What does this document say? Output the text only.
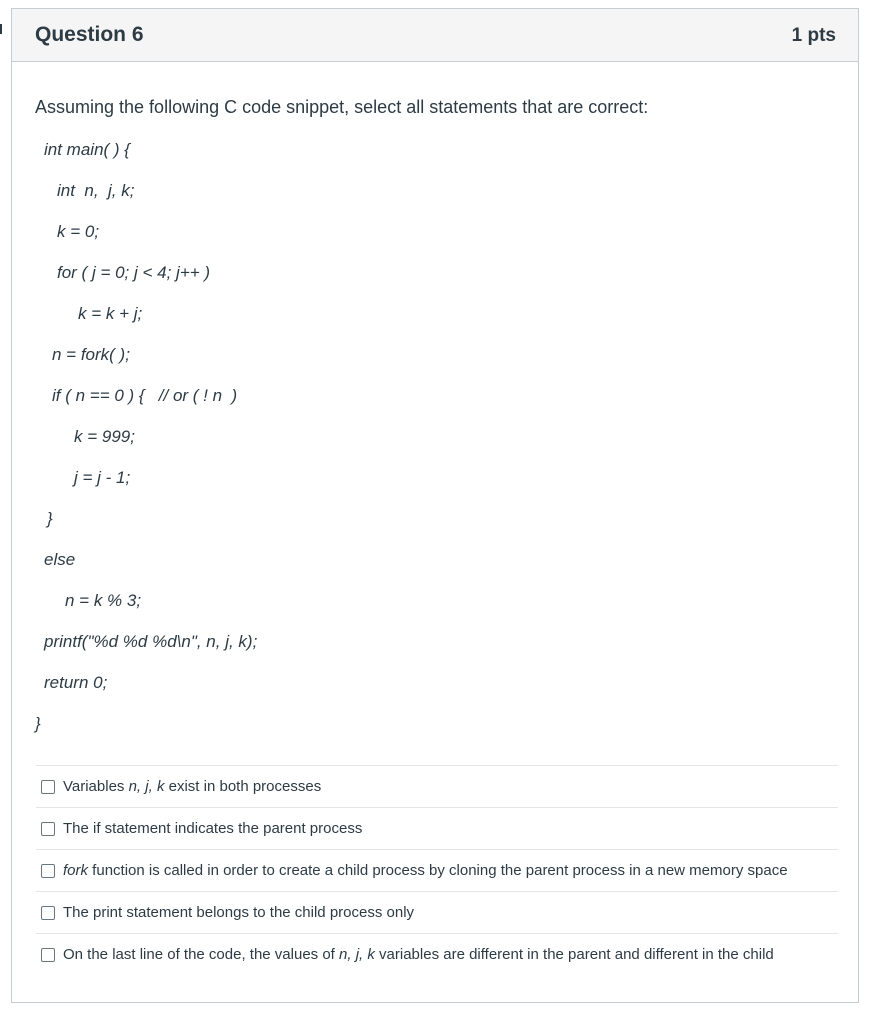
Question 6	1 pts
Assuming the following C code snippet, select all statements that are correct:
int main( ) {
int  n,  j, k;
k = 0;
for ( j = 0; j < 4; j++ )
k = k + j;
n = fork( );
if ( n == 0 ) {   // or ( ! n  )
k = 999;
j = j - 1;
}
else
n = k % 3;
printf("%d %d %d\n", n, j, k);
return 0;
}
Variables n, j, k exist in both processes
The if statement indicates the parent process
fork function is called in order to create a child process by cloning the parent process in a new memory space
The print statement belongs to the child process only
On the last line of the code, the values of n, j, k variables are different in the parent and different in the child
